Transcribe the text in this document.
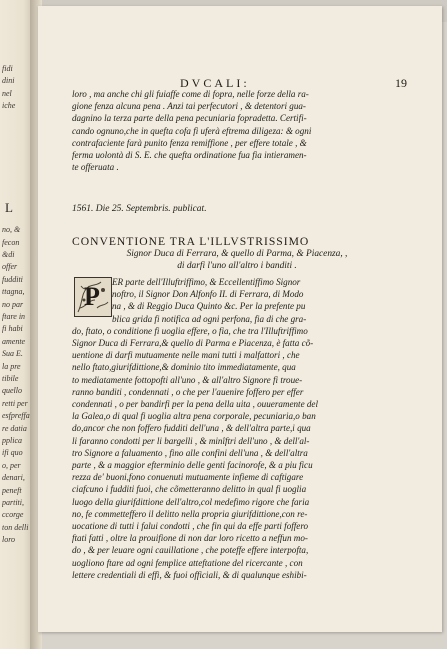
L
fidi
dini
nel
iche
no, &
fecon
&di
offer
fudditi
ttagna,
no par
ftare in
fi habi
amente
Sua E.
la pre
tibile
quello
retti per
esfpreffa
re datia
pplica
ifi quo
o, per
denari,
peneft
partiti,
ccorge
ton delli
loro
DVCALI:	19
loro , ma anche chi gli fuiaffe come di fopra, nelle forze della ra-
gione fenza alcuna pena . Anzi tai perfecutori , & detentori gua-
dagnino la terza parte della pena pecuniaria fopradetta. Certifi-
cando ognuno,che in quefta cofa fi uferà eftrema diligeza: & ogni
contrafaciente farà punito fenza remiffione , per effere totale , &
ferma uolontà di S. E. che quefta ordinatione fua fia intieramen-
te offeruata .
1561. Die 25. Septembris. publicat.
CONVENTIONE TRA L'ILLVSTRISSIMO
Signor Duca di Ferrara, & quello di Parma, & Piacenza, ,
di darfi l'uno all'altro i banditi .
P	ER parte dell'Illuftriffimo, & Eccellentiffimo Signor
noftro, il Signor Don Alfonfo II. di Ferrara, di Modo
na , & di Reggio Duca Quinto &c. Per la prefente pu
blica grida fi notifica ad ogni perfona, fia di che gra-
do, ftato, o conditione fi uoglia effere, o fia, che tra l'Illuftriffimo
Signor Duca di Ferrara,& quello di Parma e Piacenza, è fatta cõ-
uentione di darfi mutuamente nelle mani tutti i malfattori , che
nello ftato,giurifdittione,& dominio tito immediatamente, qua
to mediatamente fottopofti all'uno , & all'altro Signore fi troue-
ranno banditi , condennati , o che per l'auenire foffero per effer
condennati , o per bandirfi per la pena della uita , ouueramente del
la Galea,o di qual fi uoglia altra pena corporale, pecuniaria,o ban
do,ancor che non foffero fudditi dell'una , & dell'altra parte,i qua
li faranno condotti per li bargelli , & minîftri dell'uno , & dell'al-
tro Signore a faluamento , fino alle confini dell'una , & dell'altra
parte , & a maggior efterminio delle genti facinorofe, & a piu ficu
rezza de' buoni,fono conuenuti mutuamente infieme di caftigare
ciafcuno i fudditi fuoi, che cõmetteranno delitto in qual fi uoglia
luogo della giurifdittione dell'altro,col medefimo rigore che faria
no, fe commetteffero il delitto nella propria giurifdittione,con re-
uocatione di tutti i falui condotti , che fin qui da effe parti foffero
ftati fatti , oltre la prouifione di non dar loro ricetto a neffun mo-
do , & per leuare ogni cauillatione , che poteffe effere interpofta,
uogliono ftare ad ogni femplice atteftatione del ricercante , con
lettere credentiali di effi, & fuoi officiali, & di qualunque eshibi-
